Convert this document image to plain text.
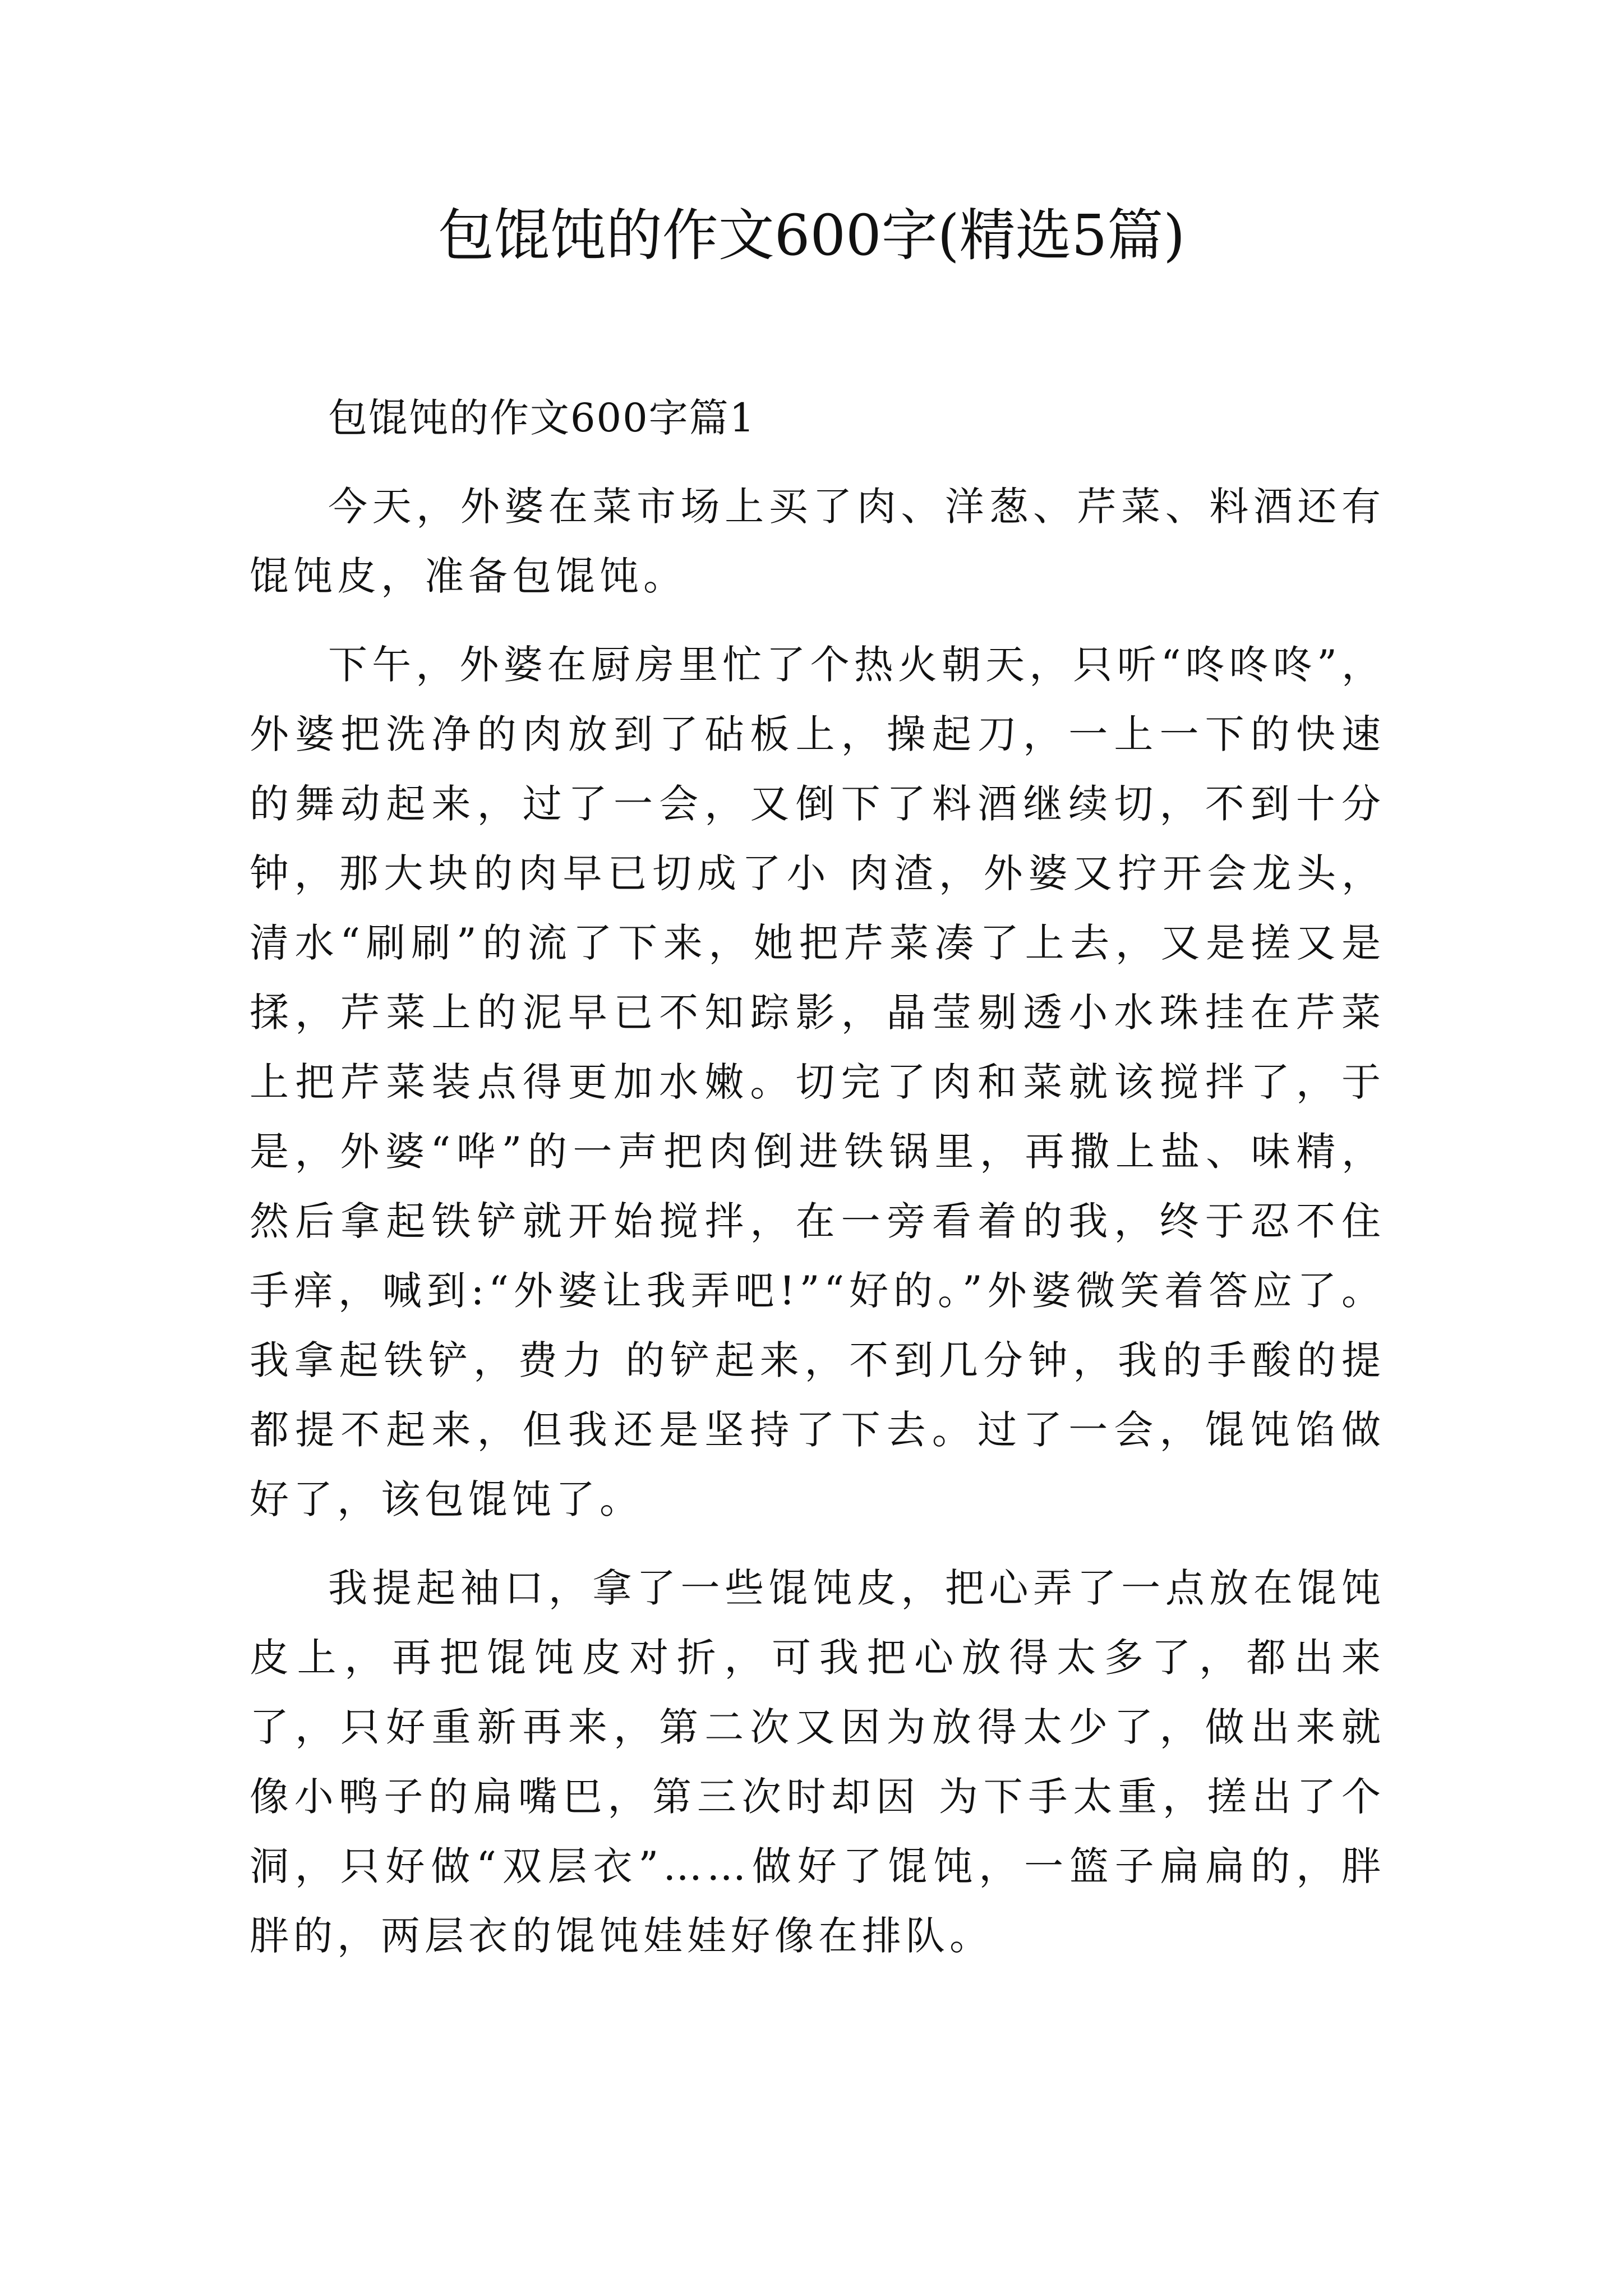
包馄饨的作文600字(精选5篇)

包馄饨的作文600字篇1

今天，外婆在菜市场上买了肉、洋葱、芹菜、料酒还有馄饨皮，准备包馄饨。

下午，外婆在厨房里忙了个热火朝天，只听“咚咚咚”，外婆把洗净的肉放到了砧板上，操起刀，一上一下的快速的舞动起来，过了一会，又倒下了料酒继续切，不到十分钟，那大块的肉早已切成了小 肉渣，外婆又拧开会龙头，清水“刷刷”的流了下来，她把芹菜凑了上去，又是搓又是揉，芹菜上的泥早已不知踪影，晶莹剔透小水珠挂在芹菜上把芹菜装点得更加水嫩。切完了肉和菜就该搅拌了，于 是，外婆“哗”的一声把肉倒进铁锅里，再撒上盐、味精，然后拿起铁铲就开始搅拌，在一旁看着的我，终于忍不住手痒，喊到:“外婆让我弄吧!”“好的。”外婆微笑着答应了。我拿起铁铲，费力 的铲起来，不到几分钟，我的手酸的提都提不起来，但我还是坚持了下去。过了一会，馄饨馅做好了，该包馄饨了。

我提起袖口，拿了一些馄饨皮，把心弄了一点放在馄饨皮上，再把馄饨皮对折，可我把心放得太多了，都出来了，只好重新再来，第二次又因为放得太少了，做出来就像小鸭子的扁嘴巴，第三次时却因 为下手太重，搓出了个洞，只好做“双层衣”……做好了馄饨，一篮子扁扁的，胖胖的，两层衣的馄饨娃娃好像在排队。
